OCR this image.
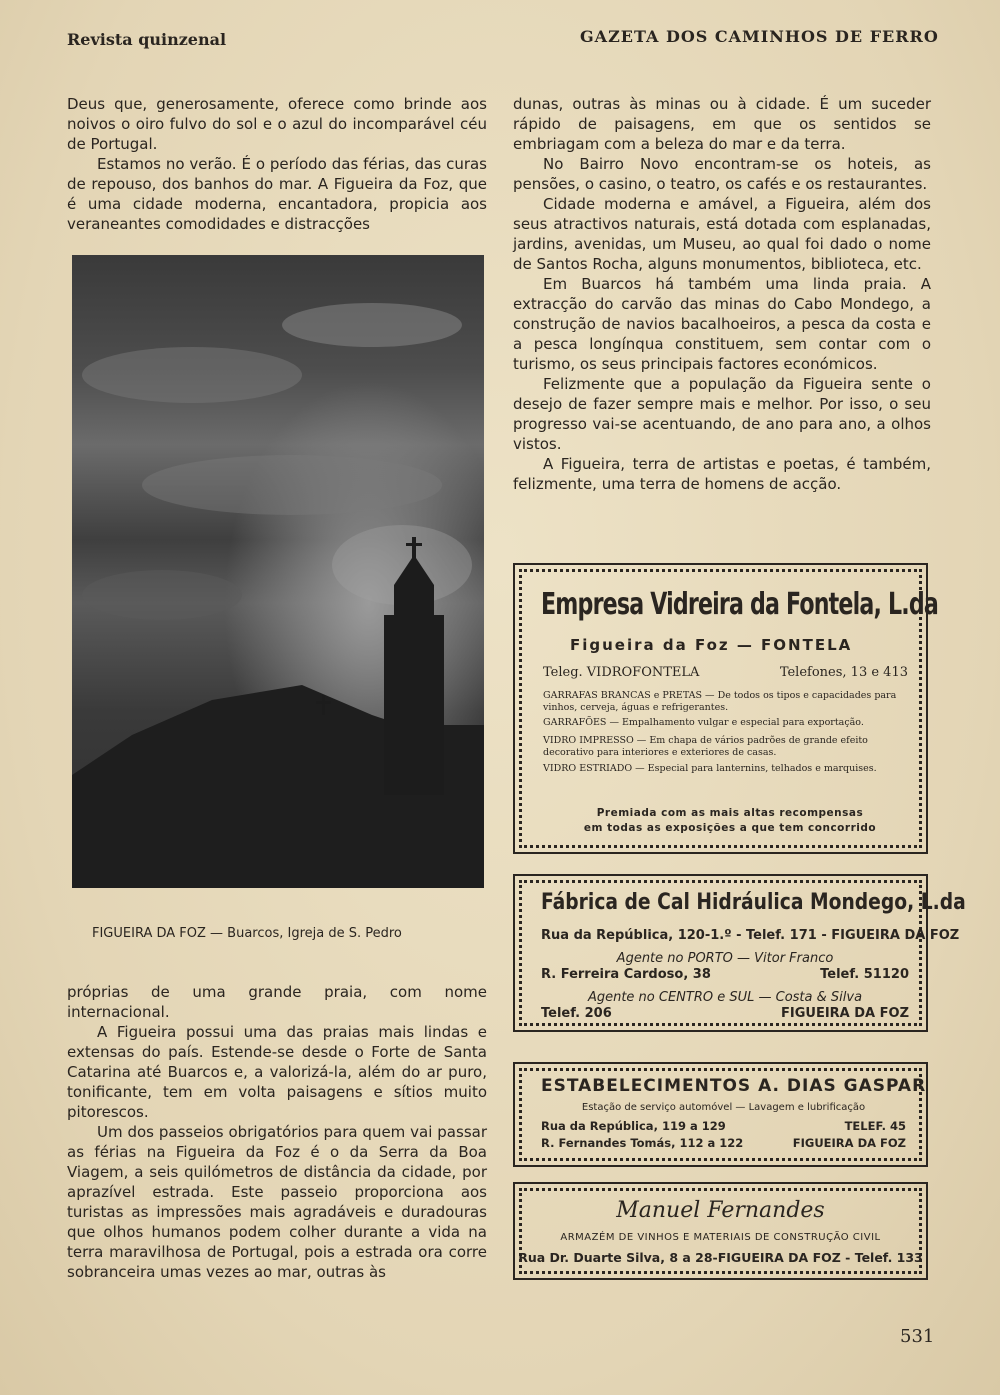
Revista quinzenal	GAZETA DOS CAMINHOS DE FERRO

Deus que, generosamente, oferece como brinde aos noivos o oiro fulvo do sol e o azul do incomparável céu de Portugal.

Estamos no verão. É o período das férias, das curas de repouso, dos banhos do mar. A Figueira da Foz, que é uma cidade moderna, encantadora, propicia aos veraneantes comodidades e distracções

FIGUEIRA DA FOZ — Buarcos, Igreja de S. Pedro

próprias de uma grande praia, com nome internacional.

A Figueira possui uma das praias mais lindas e extensas do país. Estende-se desde o Forte de Santa Catarina até Buarcos e, a valorizá-la, além do ar puro, tonificante, tem em volta paisagens e sítios muito pitorescos.

Um dos passeios obrigatórios para quem vai passar as férias na Figueira da Foz é o da Serra da Boa Viagem, a seis quilómetros de distância da cidade, por aprazível estrada. Este passeio proporciona aos turistas as impressões mais agradáveis e duradouras que olhos humanos podem colher durante a vida na terra maravilhosa de Portugal, pois a estrada ora corre sobranceira umas vezes ao mar, outras às

dunas, outras às minas ou à cidade. É um suceder rápido de paisagens, em que os sentidos se embriagam com a beleza do mar e da terra.

No Bairro Novo encontram-se os hoteis, as pensões, o casino, o teatro, os cafés e os restaurantes.

Cidade moderna e amável, a Figueira, além dos seus atractivos naturais, está dotada com esplanadas, jardins, avenidas, um Museu, ao qual foi dado o nome de Santos Rocha, alguns monumentos, biblioteca, etc.

Em Buarcos há também uma linda praia. A extracção do carvão das minas do Cabo Mondego, a construção de navios bacalhoeiros, a pesca da costa e a pesca longínqua constituem, sem contar com o turismo, os seus principais factores económicos.

Felizmente que a população da Figueira sente o desejo de fazer sempre mais e melhor. Por isso, o seu progresso vai-se acentuando, de ano para ano, a olhos vistos.

A Figueira, terra de artistas e poetas, é também, felizmente, uma terra de homens de acção.

Empresa Vidreira da Fontela, L.da
Figueira da Foz — FONTELA
Teleg. VIDROFONTELA	Telefones, 13 e 413
GARRAFAS BRANCAS e PRETAS — De todos os tipos e capacidades para vinhos, cerveja, águas e refrigerantes.
GARRAFÕES — Empalhamento vulgar e especial para exportação.
VIDRO IMPRESSO — Em chapa de vários padrões de grande efeito decorativo para interiores e exteriores de casas.
VIDRO ESTRIADO — Especial para lanternins, telhados e marquises.
Premiada com as mais altas recompensas
em todas as exposições a que tem concorrido
Fábrica de Cal Hidráulica Mondego, L.da
Rua da República, 120-1.º - Telef. 171 - FIGUEIRA DA FOZ
Agente no PORTO — Vitor Franco
R. Ferreira Cardoso, 38	Telef. 51120
Agente no CENTRO e SUL — Costa & Silva
Telef. 206	FIGUEIRA DA FOZ
ESTABELECIMENTOS A. DIAS GASPAR
Estação de serviço automóvel — Lavagem e lubrificação
Rua da República, 119 a 129	TELEF. 45
R. Fernandes Tomás, 112 a 122	FIGUEIRA DA FOZ
Manuel Fernandes
ARMAZÉM DE VINHOS E MATERIAIS DE CONSTRUÇÃO CIVIL
Rua Dr. Duarte Silva, 8 a 28-FIGUEIRA DA FOZ - Telef. 133
531
